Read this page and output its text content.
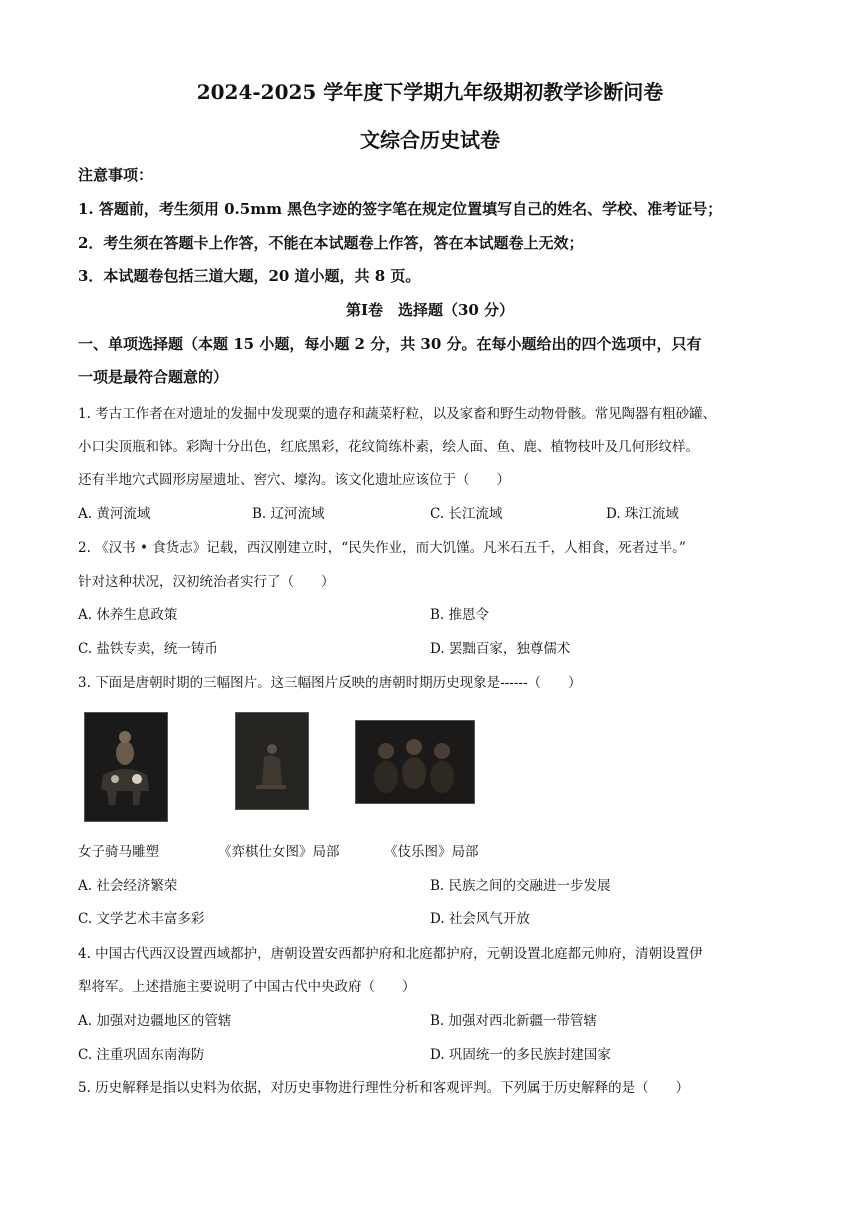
2024-2025 学年度下学期九年级期初教学诊断问卷
文综合历史试卷
注意事项：
1. 答题前，考生须用 0.5mm 黑色字迹的签字笔在规定位置填写自己的姓名、学校、准考证号；
2．考生须在答题卡上作答，不能在本试题卷上作答，答在本试题卷上无效；
3．本试题卷包括三道大题，20 道小题，共 8 页。
第Ⅰ卷　选择题（30 分）
一、单项选择题（本题 15 小题，每小题 2 分，共 30 分。在每小题给出的四个选项中，只有
一项是最符合题意的）
1. 考古工作者在对遗址的发掘中发现粟的遗存和蔬菜籽粒，以及家畜和野生动物骨骸。常见陶器有粗砂罐、
小口尖顶瓶和钵。彩陶十分出色，红底黑彩，花纹简练朴素，绘人面、鱼、鹿、植物枝叶及几何形纹样。
还有半地穴式圆形房屋遗址、窖穴、壕沟。该文化遗址应该位于（　　）
A. 黄河流域	B. 辽河流域	C. 长江流域	D. 珠江流域
2. 《汉书 • 食货志》记载，西汉刚建立时，“民失作业，而大饥馑。凡米石五千，人相食，死者过半。”
针对这种状况，汉初统治者实行了（　　）
A. 休养生息政策	B. 推恩令
C. 盐铁专卖，统一铸币	D. 罢黜百家，独尊儒术
3. 下面是唐朝时期的三幅图片。这三幅图片反映的唐朝时期历史现象是------（　　）
女子骑马雕塑	《弈棋仕女图》局部	《伎乐图》局部
A. 社会经济繁荣	B. 民族之间的交融进一步发展
C. 文学艺术丰富多彩	D. 社会风气开放
4. 中国古代西汉设置西域都护，唐朝设置安西都护府和北庭都护府，元朝设置北庭都元帅府，清朝设置伊
犁将军。上述措施主要说明了中国古代中央政府（　　）
A. 加强对边疆地区的管辖	B. 加强对西北新疆一带管辖
C. 注重巩固东南海防	D. 巩固统一的多民族封建国家
5. 历史解释是指以史料为依据，对历史事物进行理性分析和客观评判。下列属于历史解释的是（　　）
